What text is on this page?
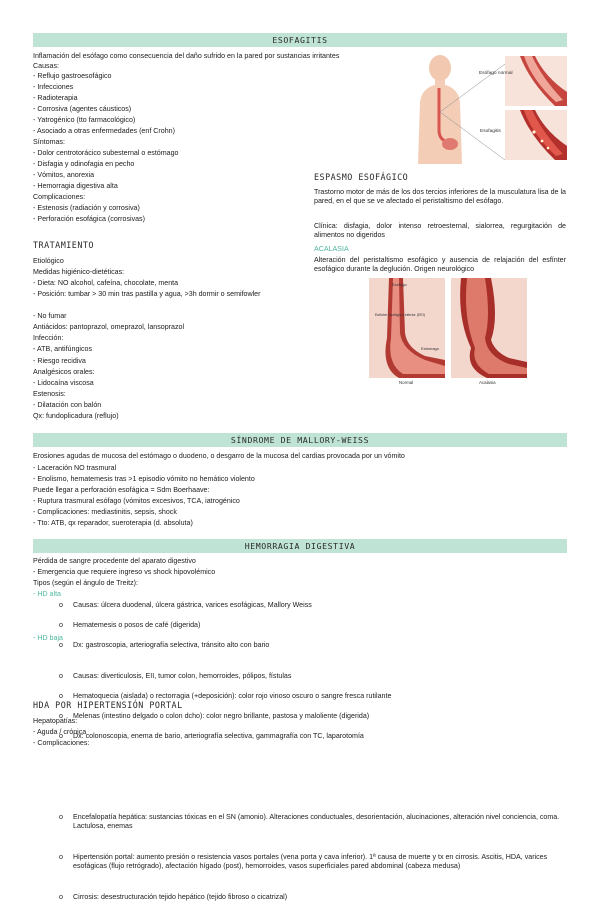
ESOFAGITIS
Inflamación del esófago como consecuencia del daño sufrido en la pared por sustancias irritantes
Causas:
- Reflujo gastroesofágico
- Infecciones
- Radioterapia
- Corrosiva (agentes cáusticos)
- Yatrogénico (tto farmacológico)
- Asociado a otras enfermedades (enf Crohn)
Síntomas:
- Dolor centrotorácico subesternal o estómago
- Disfagia y odinofagia en pecho
- Vómitos, anorexia
- Hemorragia digestiva alta
Complicaciones:
- Estenosis (radiación y corrosiva)
- Perforación esofágica (corrosivas)
Esófago normal
Esofagitis
ESPASMO ESOFÁGICO
Trastorno motor de más de los dos tercios inferiores de la musculatura lisa de la pared, en el que se ve afectado el peristaltismo del esófago.
Clínica: disfagia, dolor intenso retroesternal, sialorrea, regurgitación de alimentos no digeridos
ACALASIA
Alteración del peristaltismo esofágico y ausencia de relajación del esfínter esofágico durante la deglución. Origen neurológico
Esófago
Esfínter esofágico inferior (EEI)
Estómago
Normal	Acalasia
TRATAMIENTO
Etiológico
Medidas higiénico-dietéticas:
- Dieta: NO alcohol, cafeína, chocolate, menta
- Posición: tumbar > 30 min tras pastilla y agua, >3h dormir o semifowler
- No fumar
Antiácidos: pantoprazol, omeprazol, lansoprazol
Infección:
- ATB, antifúngicos
- Riesgo recidiva
Analgésicos orales:
- Lidocaína viscosa
Estenosis:
- Dilatación con balón
Qx: fundoplicadura (reflujo)
SÍNDROME DE MALLORY-WEISS
Erosiones agudas de mucosa del estómago o duodeno, o desgarro de la mucosa del cardias provocada por un vómito
- Laceración NO trasmural
- Enolismo, hematemesis tras >1 episodio vómito no hemático violento
Puede llegar a perforación esofágica = Sdm Boerhaave:
- Ruptura trasmural esófago (vómitos excesivos, TCA, iatrogénico
- Complicaciones: mediastinitis, sepsis, shock
- Tto: ATB, qx reparador, sueroterapia (d. absoluta)
HEMORRAGIA DIGESTIVA
Pérdida de sangre procedente del aparato digestivo
- Emergencia que requiere ingreso vs shock hipovolémico
Tipos (según el ángulo de Treitz):
- HD alta
o Causas: úlcera duodenal, úlcera gástrica, varices esofágicas, Mallory Weiss
o Hematemesis o posos de café (digerida)
o Dx: gastroscopia, arteriografía selectiva, tránsito alto con bario
- HD baja
o Causas: diverticulosis, EII, tumor colon, hemorroides, pólipos, fístulas
o Hematoquecia (aislada) o rectorragia (+deposición): color rojo vinoso oscuro o sangre fresca rutilante
o Melenas (intestino delgado o colon dcho): color negro brillante, pastosa y maloliente (digerida)
o Dx: colonoscopia, enema de bario, arteriografía selectiva, gammagrafía con TC, laparotomía
HDA POR HIPERTENSIÓN PORTAL
Hepatopatías:
- Aguda / crónica
- Complicaciones:
o Encefalopatía hepática: sustancias tóxicas en el SN (amonio). Alteraciones conductuales, desorientación, alucinaciones, alteración nivel conciencia, coma. Lactulosa, enemas
o Hipertensión portal: aumento presión o resistencia vasos portales (vena porta y cava inferior). 1ª causa de muerte y tx en cirrosis. Ascitis, HDA, varices esofágicas (flujo retrógrado), afectación hígado (post), hemorroides, vasos superficiales pared abdominal (cabeza medusa)
o Cirrosis: desestructuración tejido hepático (tejido fibroso o cicatrizal)
